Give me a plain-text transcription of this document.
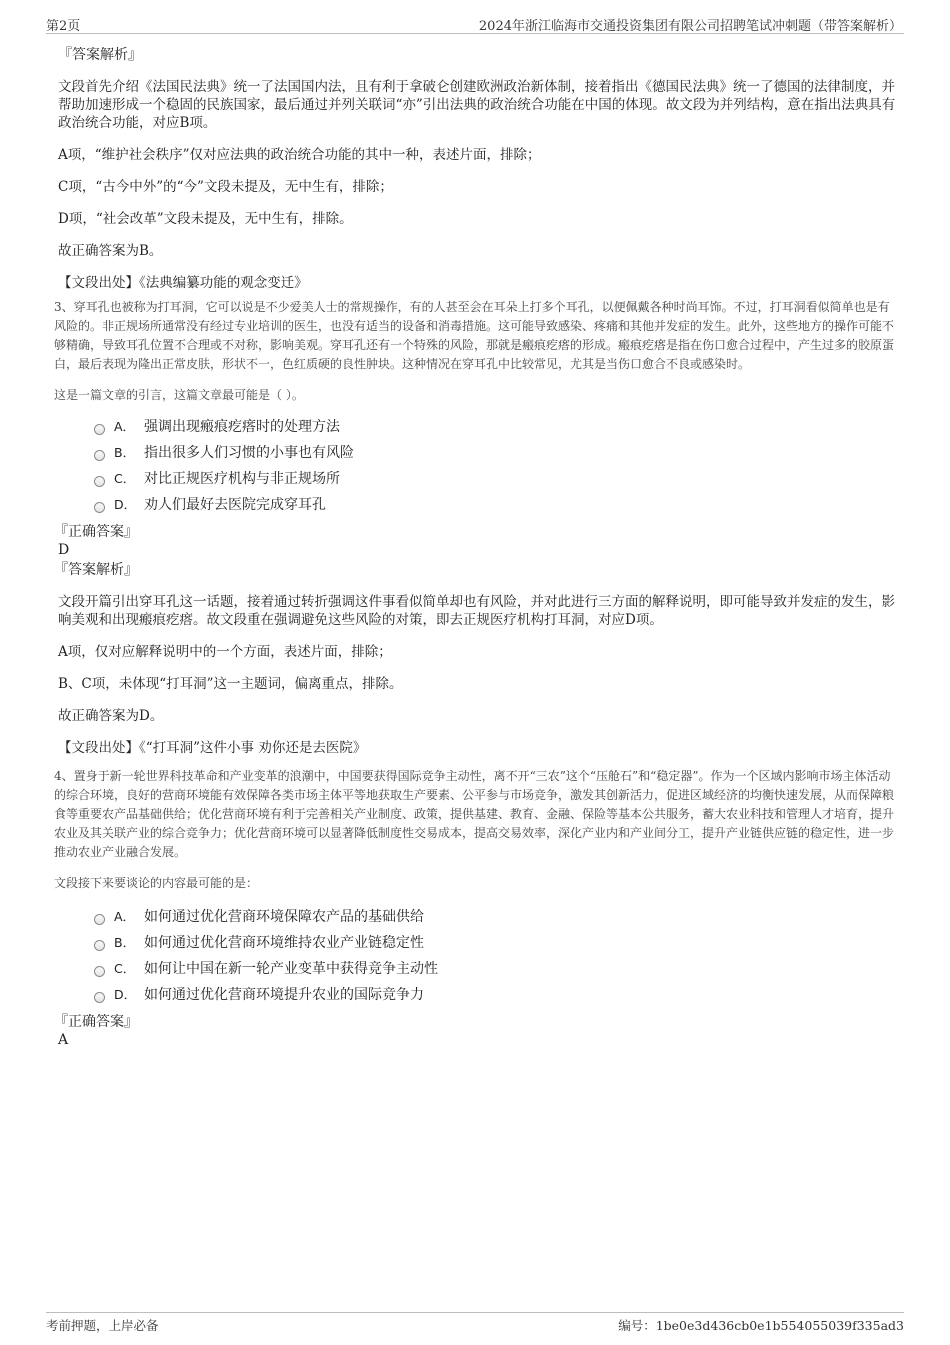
第2页	2024年浙江临海市交通投资集团有限公司招聘笔试冲刺题（带答案解析）
『答案解析』
文段首先介绍《法国民法典》统一了法国国内法，且有利于拿破仑创建欧洲政治新体制，接着指出《德国民法典》统一了德国的法律制度，并帮助加速形成一个稳固的民族国家，最后通过并列关联词“亦”引出法典的政治统合功能在中国的体现。故文段为并列结构，意在指出法典具有政治统合功能，对应B项。
A项，“维护社会秩序”仅对应法典的政治统合功能的其中一种，表述片面，排除；
C项，“古今中外”的“今”文段未提及，无中生有，排除；
D项，“社会改革”文段未提及，无中生有，排除。
故正确答案为B。
【文段出处】《法典编纂功能的观念变迁》
3、穿耳孔也被称为打耳洞，它可以说是不少爱美人士的常规操作，有的人甚至会在耳朵上打多个耳孔，以便佩戴各种时尚耳饰。不过，打耳洞看似简单也是有风险的。非正规场所通常没有经过专业培训的医生，也没有适当的设备和消毒措施。这可能导致感染、疼痛和其他并发症的发生。此外，这些地方的操作可能不够精确，导致耳孔位置不合理或不对称，影响美观。穿耳孔还有一个特殊的风险，那就是瘢痕疙瘩的形成。瘢痕疙瘩是指在伤口愈合过程中，产生过多的胶原蛋白，最后表现为隆出正常皮肤，形状不一，色红质硬的良性肿块。这种情况在穿耳孔中比较常见，尤其是当伤口愈合不良或感染时。
这是一篇文章的引言，这篇文章最可能是（ ）。
A． 强调出现瘢痕疙瘩时的处理方法
B． 指出很多人们习惯的小事也有风险
C． 对比正规医疗机构与非正规场所
D． 劝人们最好去医院完成穿耳孔
『正确答案』
D
『答案解析』
文段开篇引出穿耳孔这一话题，接着通过转折强调这件事看似简单却也有风险，并对此进行三方面的解释说明，即可能导致并发症的发生，影响美观和出现瘢痕疙瘩。故文段重在强调避免这些风险的对策，即去正规医疗机构打耳洞，对应D项。
A项，仅对应解释说明中的一个方面，表述片面，排除；
B、C项，未体现“打耳洞”这一主题词，偏离重点，排除。
故正确答案为D。
【文段出处】《“打耳洞”这件小事 劝你还是去医院》
4、置身于新一轮世界科技革命和产业变革的浪潮中，中国要获得国际竞争主动性，离不开“三农”这个“压舱石”和“稳定器”。作为一个区域内影响市场主体活动的综合环境，良好的营商环境能有效保障各类市场主体平等地获取生产要素、公平参与市场竞争，激发其创新活力，促进区域经济的均衡快速发展，从而保障粮食等重要农产品基础供给；优化营商环境有利于完善相关产业制度、政策，提供基建、教育、金融、保险等基本公共服务，蓄大农业科技和管理人才培育，提升农业及其关联产业的综合竞争力；优化营商环境可以显著降低制度性交易成本，提高交易效率，深化产业内和产业间分工，提升产业链供应链的稳定性，进一步推动农业产业融合发展。
文段接下来要谈论的内容最可能的是：
A． 如何通过优化营商环境保障农产品的基础供给
B． 如何通过优化营商环境维持农业产业链稳定性
C． 如何让中国在新一轮产业变革中获得竞争主动性
D． 如何通过优化营商环境提升农业的国际竞争力
『正确答案』
A
考前押题，上岸必备	编号：1be0e3d436cb0e1b554055039f335ad3
